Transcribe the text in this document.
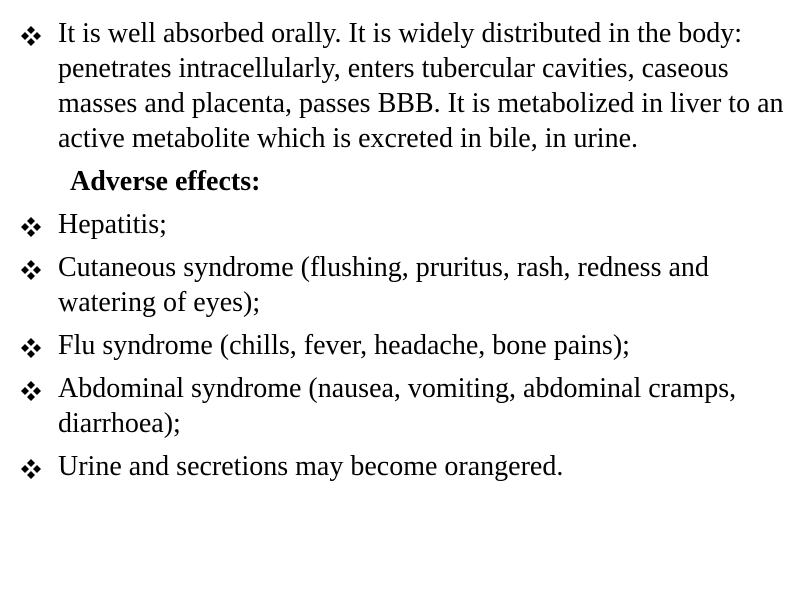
It is well absorbed orally. It is widely distributed in the body: penetrates intracellularly, enters tubercular cavities, caseous masses and placenta, passes BBB. It is metabolized in liver to an active metabolite which is excreted in bile, in urine.
Adverse effects:
Hepatitis;
Cutaneous syndrome (flushing, pruritus, rash, redness and watering of eyes);
Flu syndrome (chills, fever, headache, bone pains);
Abdominal syndrome (nausea, vomiting, abdominal cramps, diarrhoea);
Urine and secretions may become orangered.
